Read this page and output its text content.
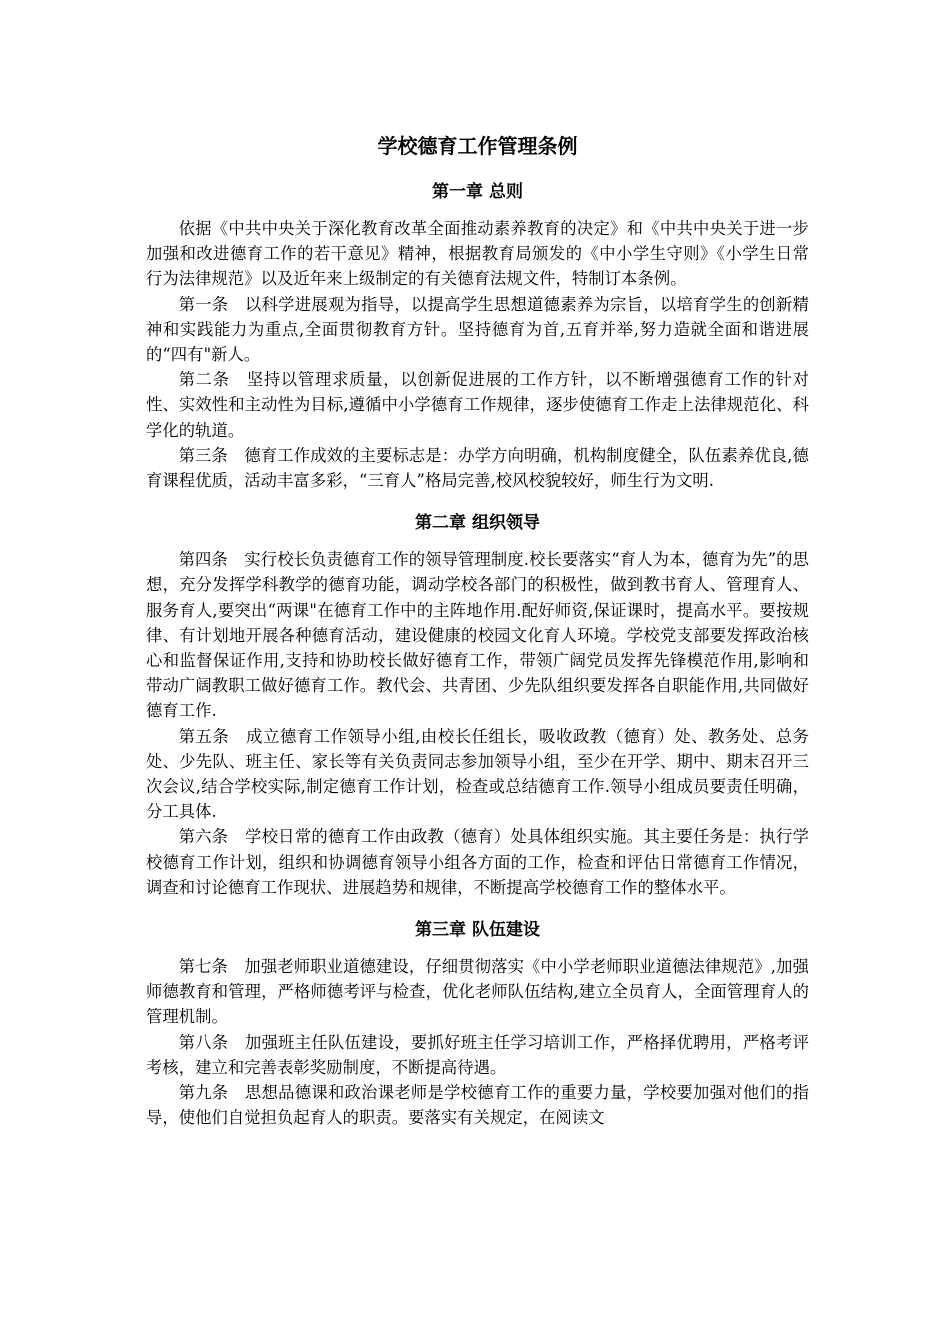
学校德育工作管理条例
第一章 总则

依据《中共中央关于深化教育改革全面推动素养教育的决定》和《中共中央关于进一步加强和改进德育工作的若干意见》精神，根据教育局颁发的《中小学生守则》《小学生日常行为法律规范》以及近年来上级制定的有关德育法规文件，特制订本条例。

第一条　以科学进展观为指导，以提高学生思想道德素养为宗旨，以培育学生的创新精神和实践能力为重点,全面贯彻教育方针。坚持德育为首,五育并举,努力造就全面和谐进展的“四有"新人。

第二条　坚持以管理求质量，以创新促进展的工作方针，以不断增强德育工作的针对性、实效性和主动性为目标,遵循中小学德育工作规律，逐步使德育工作走上法律规范化、科学化的轨道。

第三条　德育工作成效的主要标志是：办学方向明确，机构制度健全，队伍素养优良,德育课程优质，活动丰富多彩，“三育人”格局完善,校风校貌较好，师生行为文明.

第二章 组织领导

第四条　实行校长负责德育工作的领导管理制度.校长要落实“育人为本，德育为先”的思想，充分发挥学科教学的德育功能，调动学校各部门的积极性，做到教书育人、管理育人、服务育人,要突出“两课"在德育工作中的主阵地作用.配好师资,保证课时，提高水平。要按规律、有计划地开展各种德育活动，建设健康的校园文化育人环境。学校党支部要发挥政治核心和监督保证作用,支持和协助校长做好德育工作，带领广阔党员发挥先锋模范作用,影响和带动广阔教职工做好德育工作。教代会、共青团、少先队组织要发挥各自职能作用,共同做好德育工作.

第五条　成立德育工作领导小组,由校长任组长，吸收政教（德育）处、教务处、总务处、少先队、班主任、家长等有关负责同志参加领导小组，至少在开学、期中、期末召开三次会议,结合学校实际,制定德育工作计划，检查或总结德育工作.领导小组成员要责任明确，分工具体.

第六条　学校日常的德育工作由政教（德育）处具体组织实施。其主要任务是：执行学校德育工作计划，组织和协调德育领导小组各方面的工作，检查和评估日常德育工作情况，调查和讨论德育工作现状、进展趋势和规律，不断提高学校德育工作的整体水平。

第三章 队伍建设

第七条　加强老师职业道德建设，仔细贯彻落实《中小学老师职业道德法律规范》,加强师德教育和管理，严格师德考评与检查，优化老师队伍结构,建立全员育人，全面管理育人的管理机制。

第八条　加强班主任队伍建设，要抓好班主任学习培训工作，严格择优聘用，严格考评考核，建立和完善表彰奖励制度，不断提高待遇。

第九条　思想品德课和政治课老师是学校德育工作的重要力量，学校要加强对他们的指导，使他们自觉担负起育人的职责。要落实有关规定，在阅读文
